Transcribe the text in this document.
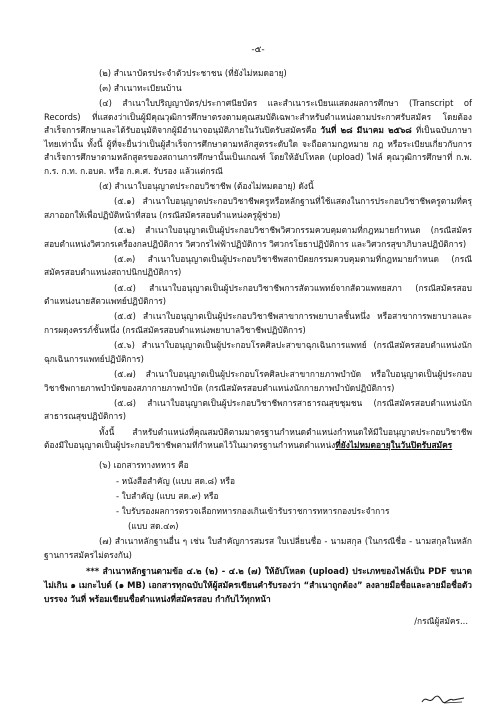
-๕-

(๒) สำเนาบัตรประจำตัวประชาชน (ที่ยังไม่หมดอายุ)

(๓) สำเนาทะเบียนบ้าน

(๔) สำเนาใบปริญญาบัตร/ประกาศนียบัตร และสำเนาระเบียนแสดงผลการศึกษา (Transcript of Records) ที่แสดงว่าเป็นผู้มีคุณวุฒิการศึกษาตรงตามคุณสมบัติเฉพาะสำหรับตำแหน่งตามประกาศรับสมัคร โดยต้องสำเร็จการศึกษาและได้รับอนุมัติจากผู้มีอำนาจอนุมัติภายในวันปิดรับสมัครคือ วันที่ ๒๘ มีนาคม ๒๕๖๘ ที่เป็นฉบับภาษาไทยเท่านั้น ทั้งนี้ ผู้ที่จะยื่นว่าเป็นผู้สำเร็จการศึกษาตามหลักสูตรระดับใด จะถือตามกฎหมาย กฎ หรือระเบียบเกี่ยวกับการสำเร็จการศึกษาตามหลักสูตรของสถานการศึกษานั้นเป็นเกณฑ์ โดยให้อัปโหลด (upload) ไฟล์ คุณวุฒิการศึกษาที่ ก.พ. ก.ร. ก.ท. ก.อบต. หรือ ก.ค.ศ. รับรอง แล้วแต่กรณี

(๕) สำเนาใบอนุญาตประกอบวิชาชีพ (ต้องไม่หมดอายุ) ดังนี้

(๕.๑) สำเนาใบอนุญาตประกอบวิชาชีพครูหรือหลักฐานที่ใช้แสดงในการประกอบวิชาชีพครูตามที่ครุสภาออกให้เพื่อปฏิบัติหน้าที่สอน (กรณีสมัครสอบตำแหน่งครูผู้ช่วย)

(๕.๒) สำเนาใบอนุญาตเป็นผู้ประกอบวิชาชีพวิศวกรรมควบคุมตามที่กฎหมายกำหนด (กรณีสมัครสอบตำแหน่งวิศวกรเครื่องกลปฏิบัติการ วิศวกรไฟฟ้าปฏิบัติการ วิศวกรโยธาปฏิบัติการ และวิศวกรสุขาภิบาลปฏิบัติการ)

(๕.๓) สำเนาใบอนุญาตเป็นผู้ประกอบวิชาชีพสถาปัตยกรรมควบคุมตามที่กฎหมายกำหนด (กรณีสมัครสอบตำแหน่งสถาปนิกปฏิบัติการ)

(๕.๔) สำเนาใบอนุญาตเป็นผู้ประกอบวิชาชีพการสัตวแพทย์จากสัตวแพทยสภา (กรณีสมัครสอบตำแหน่งนายสัตวแพทย์ปฏิบัติการ)

(๕.๕) สำเนาใบอนุญาตเป็นผู้ประกอบวิชาชีพสาขาการพยาบาลชั้นหนึ่ง หรือสาขาการพยาบาลและการผดุงครรภ์ชั้นหนึ่ง (กรณีสมัครสอบตำแหน่งพยาบาลวิชาชีพปฏิบัติการ)

(๕.๖) สำเนาใบอนุญาตเป็นผู้ประกอบโรคศิลปะสาขาฉุกเฉินการแพทย์ (กรณีสมัครสอบตำแหน่งนักฉุกเฉินการแพทย์ปฏิบัติการ)

(๕.๗) สำเนาใบอนุญาตเป็นผู้ประกอบโรคศิลปะสาขากายภาพบำบัด หรือใบอนุญาตเป็นผู้ประกอบวิชาชีพกายภาพบำบัดของสภากายภาพบำบัด (กรณีสมัครสอบตำแหน่งนักกายภาพบำบัดปฏิบัติการ)

(๕.๘) สำเนาใบอนุญาตเป็นผู้ประกอบวิชาชีพการสาธารณสุขชุมชน (กรณีสมัครสอบตำแหน่งนักสาธารณสุขปฏิบัติการ)

ทั้งนี้ สำหรับตำแหน่งที่คุณสมบัติตามมาตรฐานกำหนดตำแหน่งกำหนดให้มีใบอนุญาตประกอบวิชาชีพ ต้องมีใบอนุญาตเป็นผู้ประกอบวิชาชีพตามที่กำหนดไว้ในมาตรฐานกำหนดตำแหน่งที่ยังไม่หมดอายุในวันปิดรับสมัคร

(๖) เอกสารทางทหาร คือ

- หนังสือสำคัญ (แบบ สด.๘) หรือ

- ใบสำคัญ (แบบ สด.๙) หรือ

- ใบรับรองผลการตรวจเลือกทหารกองเกินเข้ารับราชการทหารกองประจำการ

(แบบ สด.๔๓)

(๗) สำเนาหลักฐานอื่น ๆ เช่น ใบสำคัญการสมรส ใบเปลี่ยนชื่อ - นามสกุล (ในกรณีชื่อ - นามสกุลในหลักฐานการสมัครไม่ตรงกัน)

*** สำเนาหลักฐานตามข้อ ๔.๒ (๒) - ๔.๒ (๗) ให้อัปโหลด (upload) ประเภทของไฟล์เป็น PDF ขนาดไม่เกิน ๑ เมกะไบต์ (๑ MB) เอกสารทุกฉบับให้ผู้สมัครเขียนคำรับรองว่า “สำเนาถูกต้อง” ลงลายมือชื่อและลายมือชื่อตัวบรรจง วันที่ พร้อมเขียนชื่อตำแหน่งที่สมัครสอบ กำกับไว้ทุกหน้า

/กรณีผู้สมัคร...
